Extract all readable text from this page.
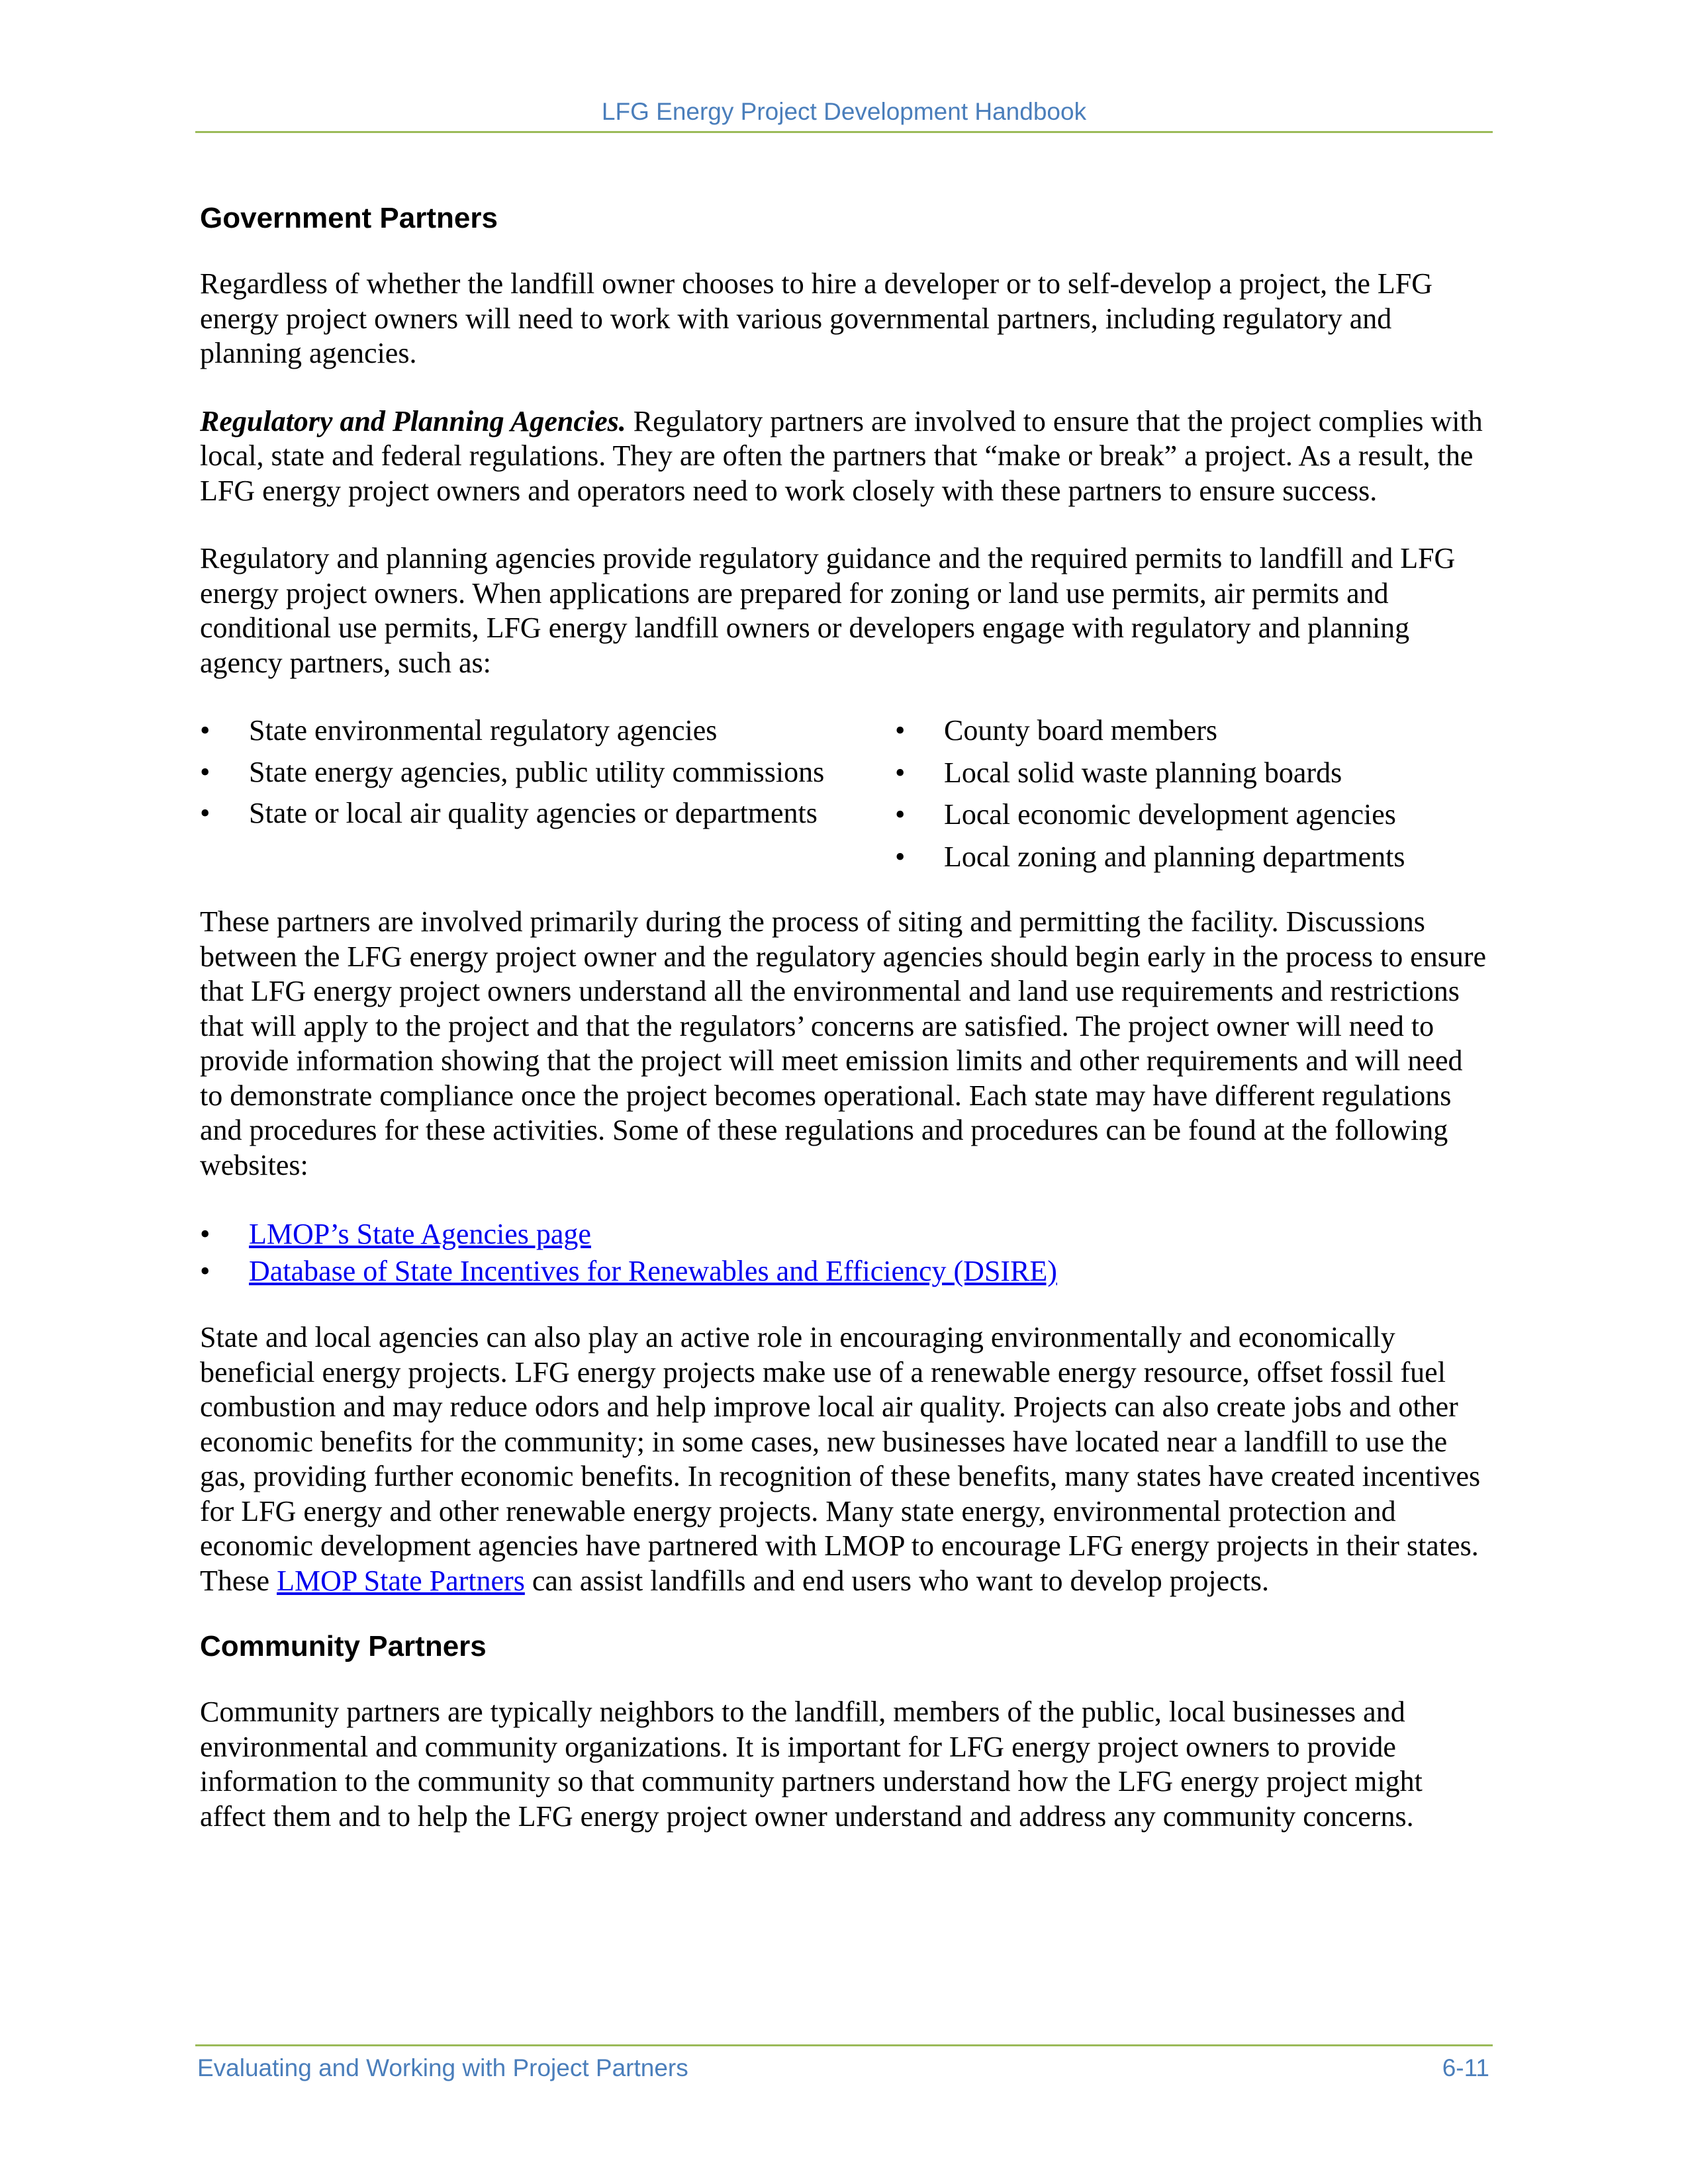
LFG Energy Project Development Handbook
Government Partners

Regardless of whether the landfill owner chooses to hire a developer or to self-develop a project, the LFG energy project owners will need to work with various governmental partners, including regulatory and planning agencies.

Regulatory and Planning Agencies. Regulatory partners are involved to ensure that the project complies with local, state and federal regulations. They are often the partners that “make or break” a project. As a result, the LFG energy project owners and operators need to work closely with these partners to ensure success.

Regulatory and planning agencies provide regulatory guidance and the required permits to landfill and LFG energy project owners. When applications are prepared for zoning or land use permits, air permits and conditional use permits, LFG energy landfill owners or developers engage with regulatory and planning agency partners, such as:

•	State environmental regulatory agencies
•	State energy agencies, public utility commissions
•	State or local air quality agencies or departments
•	County board members
•	Local solid waste planning boards
•	Local economic development agencies
•	Local zoning and planning departments

These partners are involved primarily during the process of siting and permitting the facility. Discussions between the LFG energy project owner and the regulatory agencies should begin early in the process to ensure that LFG energy project owners understand all the environmental and land use requirements and restrictions that will apply to the project and that the regulators’ concerns are satisfied. The project owner will need to provide information showing that the project will meet emission limits and other requirements and will need to demonstrate compliance once the project becomes operational. Each state may have different regulations and procedures for these activities. Some of these regulations and procedures can be found at the following websites:

• LMOP’s State Agencies page
• Database of State Incentives for Renewables and Efficiency (DSIRE)

State and local agencies can also play an active role in encouraging environmentally and economically beneficial energy projects. LFG energy projects make use of a renewable energy resource, offset fossil fuel combustion and may reduce odors and help improve local air quality. Projects can also create jobs and other economic benefits for the community; in some cases, new businesses have located near a landfill to use the gas, providing further economic benefits. In recognition of these benefits, many states have created incentives for LFG energy and other renewable energy projects. Many state energy, environmental protection and economic development agencies have partnered with LMOP to encourage LFG energy projects in their states. These LMOP State Partners can assist landfills and end users who want to develop projects.

Community Partners

Community partners are typically neighbors to the landfill, members of the public, local businesses and environmental and community organizations. It is important for LFG energy project owners to provide information to the community so that community partners understand how the LFG energy project might affect them and to help the LFG energy project owner understand and address any community concerns.

Evaluating and Working with Project Partners	6-11
